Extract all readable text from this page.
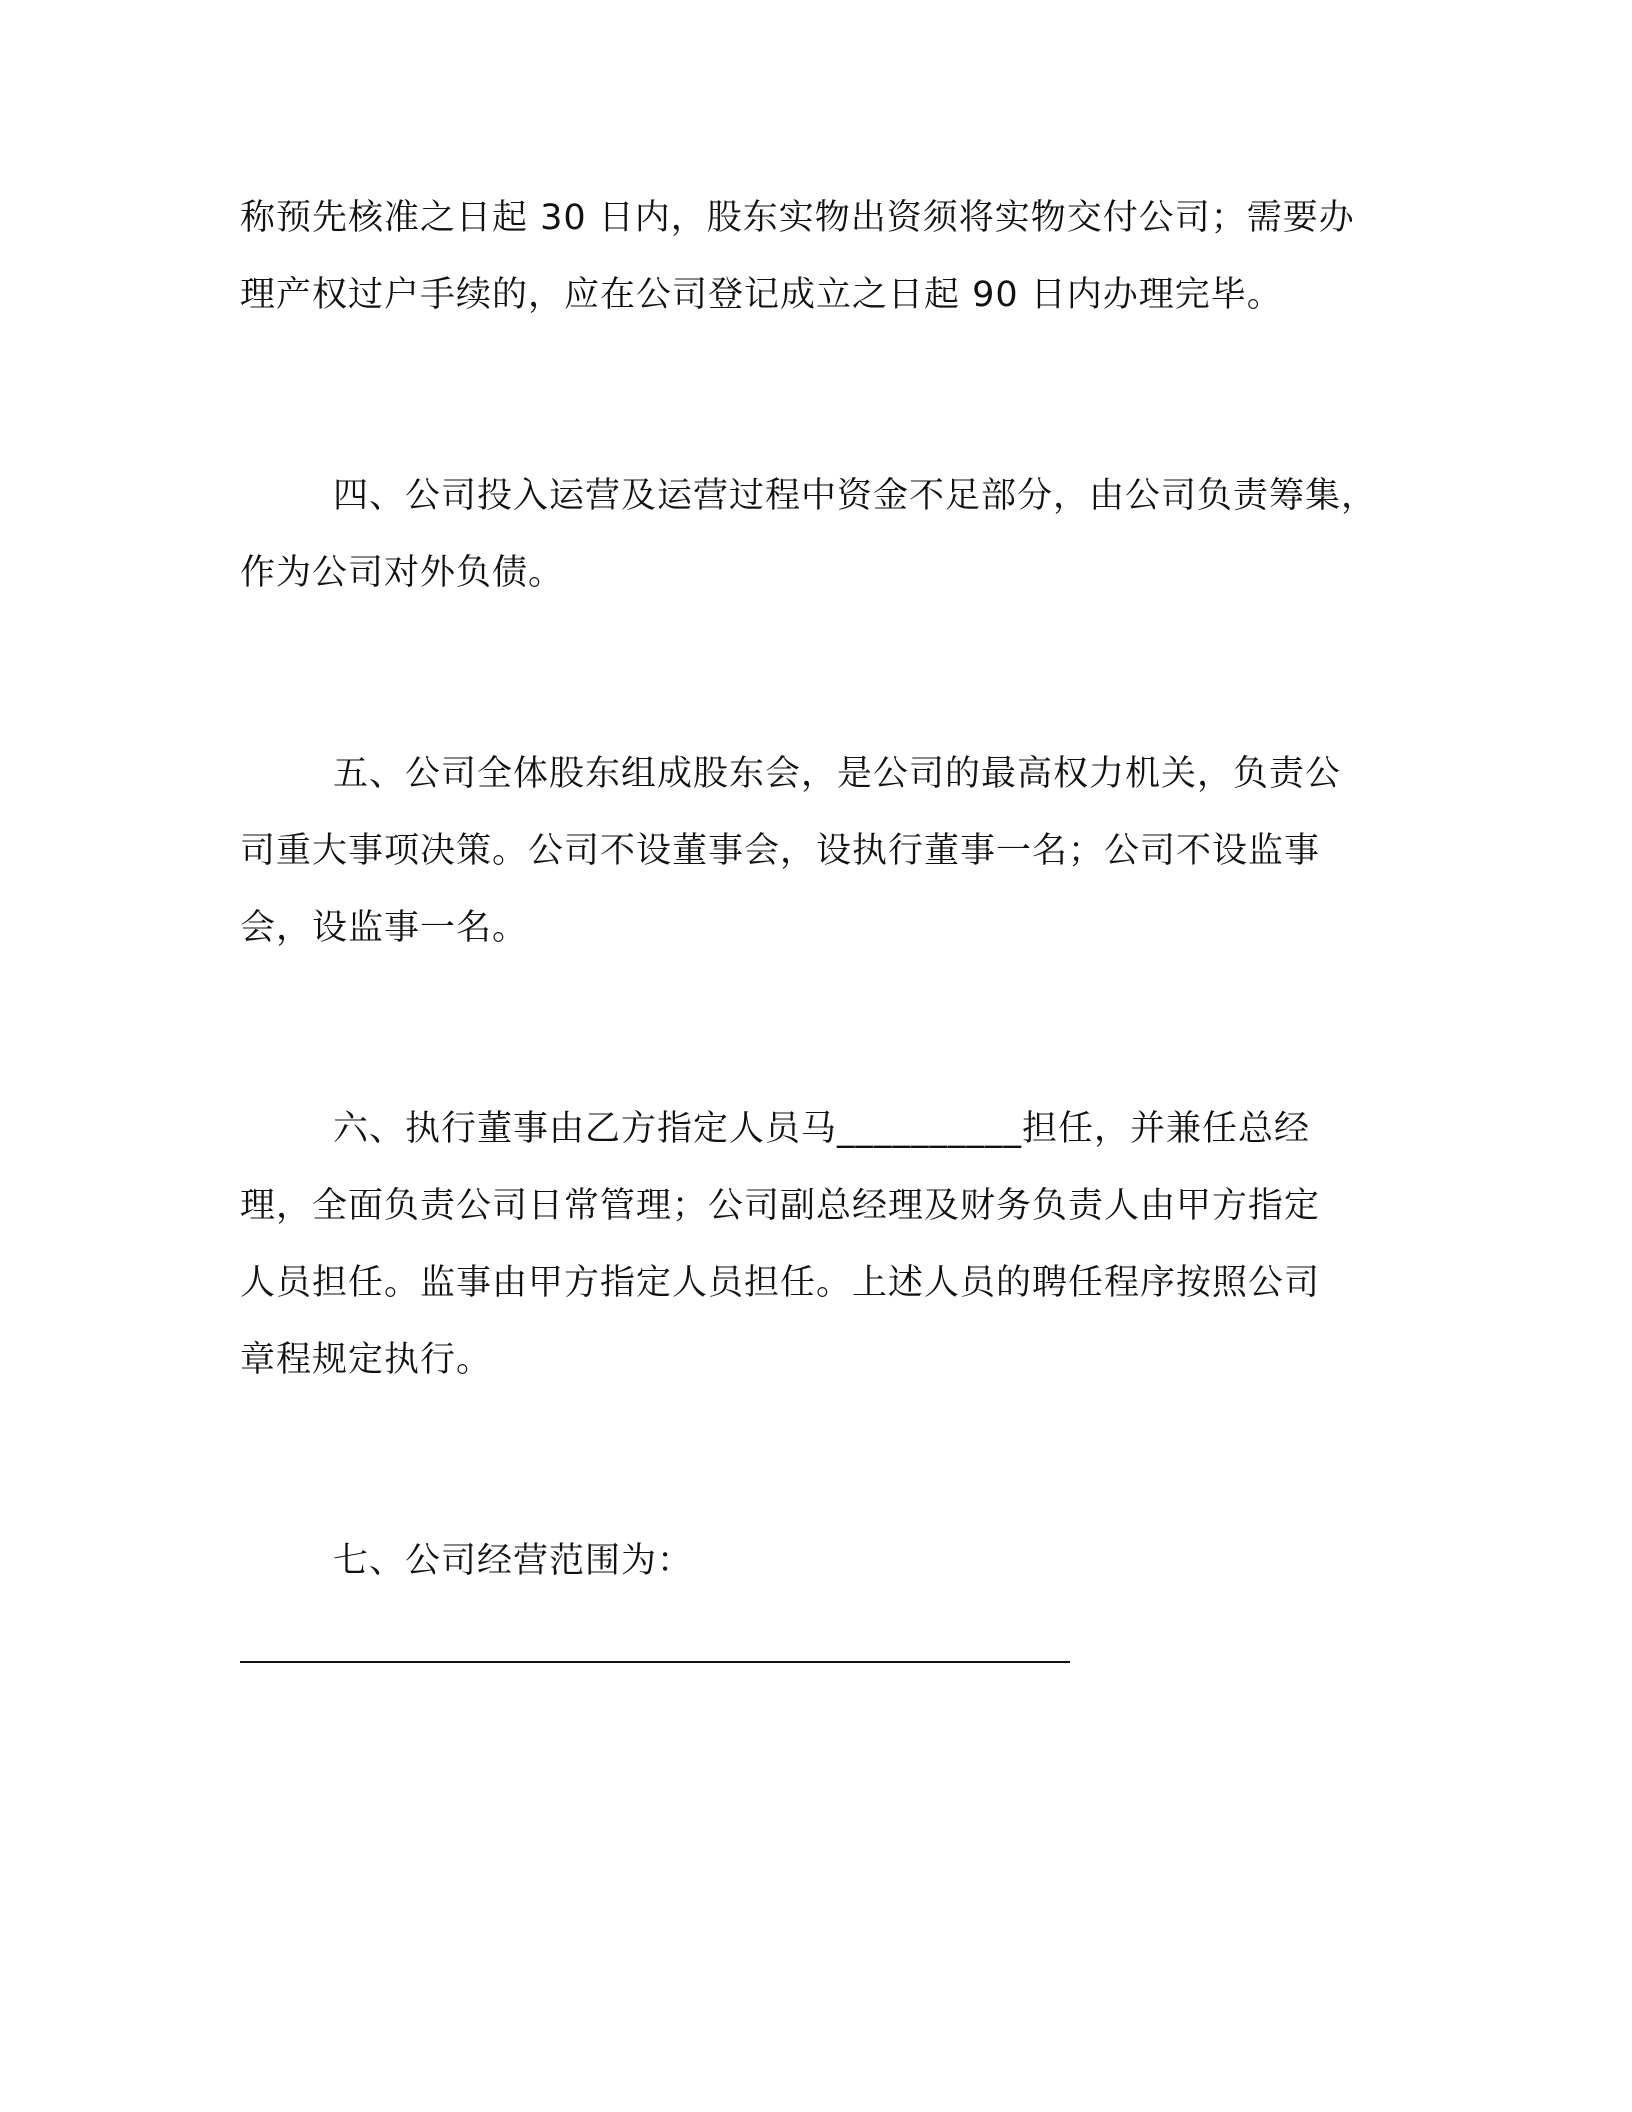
称预先核准之日起 30 日内，股东实物出资须将实物交付公司；需要办
理产权过户手续的，应在公司登记成立之日起 90 日内办理完毕。
四、公司投入运营及运营过程中资金不足部分，由公司负责筹集，
作为公司对外负债。
五、公司全体股东组成股东会，是公司的最高权力机关，负责公
司重大事项决策。公司不设董事会，设执行董事一名；公司不设监事
会，设监事一名。
六、执行董事由乙方指定人员马__________担任，并兼任总经
理，全面负责公司日常管理；公司副总经理及财务负责人由甲方指定
人员担任。监事由甲方指定人员担任。上述人员的聘任程序按照公司
章程规定执行。
七、公司经营范围为：
